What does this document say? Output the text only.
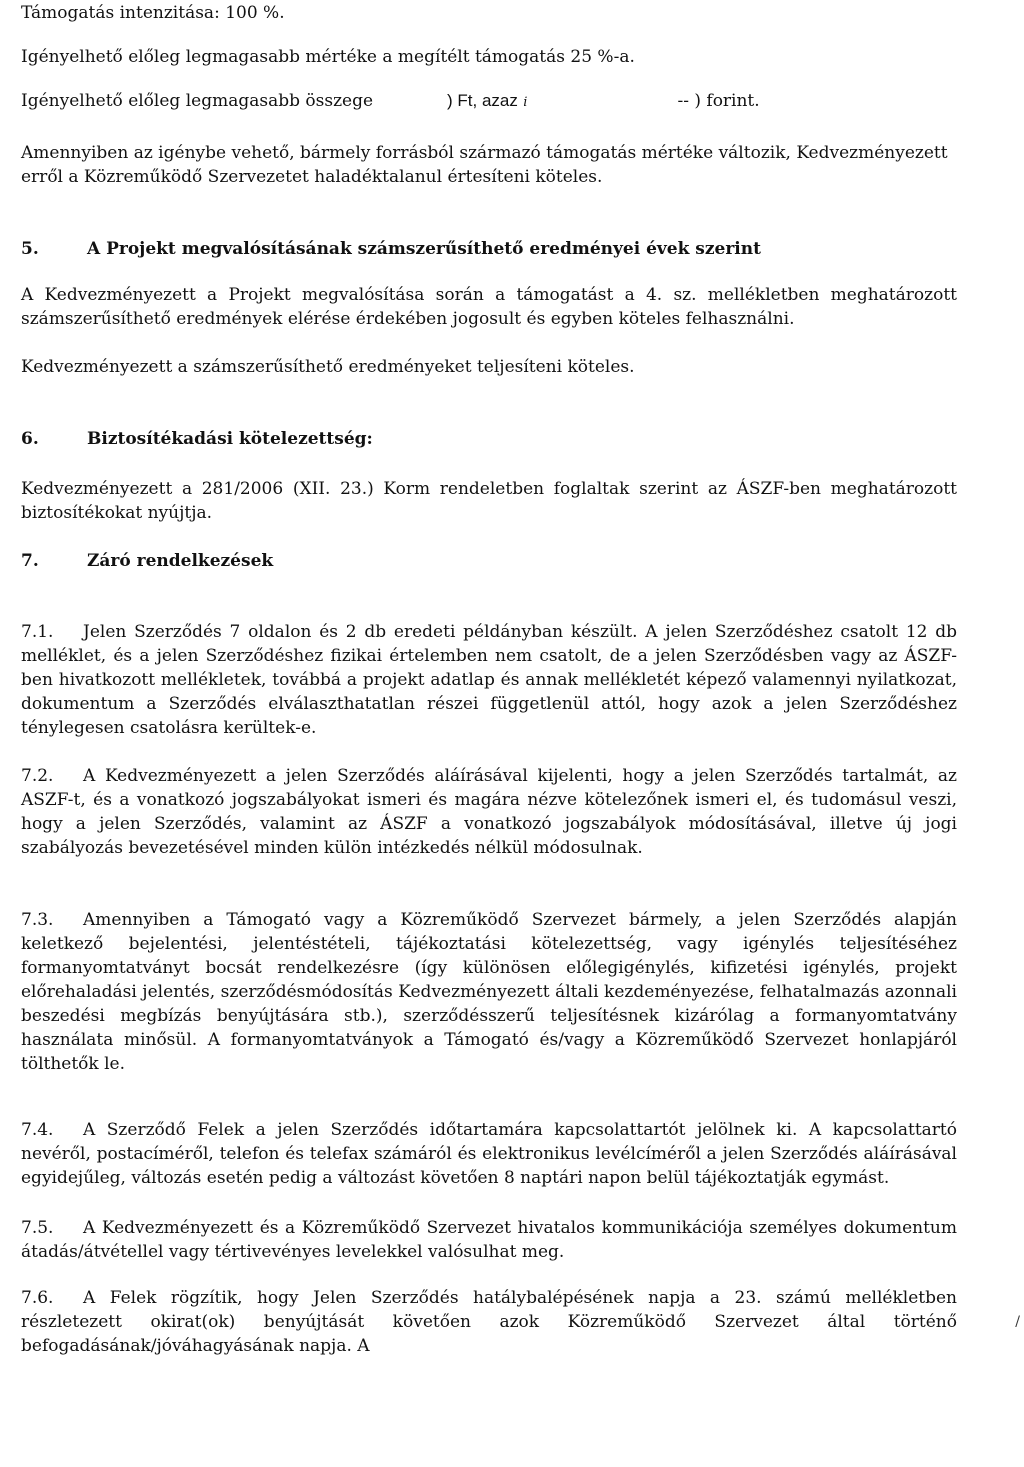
Támogatás intenzitása: 100 %.
Igényelhető előleg legmagasabb mértéke a megítélt támogatás 25 %-a.
Igényelhető előleg legmagasabb összege	) Ft, azaz i	-- ) forint.
Amennyiben az igénybe vehető, bármely forrásból származó támogatás mértéke változik, Kedvezményezett erről a Közreműködő Szervezetet haladéktalanul értesíteni köteles.
5.	A Projekt megvalósításának számszerűsíthető eredményei évek szerint
A Kedvezményezett a Projekt megvalósítása során a támogatást a 4. sz. mellékletben meghatározott számszerűsíthető eredmények elérése érdekében jogosult és egyben köteles felhasználni.
Kedvezményezett a számszerűsíthető eredményeket teljesíteni köteles.
6.	Biztosítékadási kötelezettség:
Kedvezményezett a 281/2006 (XII. 23.) Korm rendeletben foglaltak szerint az ÁSZF-ben meghatározott biztosítékokat nyújtja.
7.	Záró rendelkezések
7.1. Jelen Szerződés 7 oldalon és 2 db eredeti példányban készült. A jelen Szerződéshez csatolt 12 db melléklet, és a jelen Szerződéshez fizikai értelemben nem csatolt, de a jelen Szerződésben vagy az ÁSZF-ben hivatkozott mellékletek, továbbá a projekt adatlap és annak mellékletét képező valamennyi nyilatkozat, dokumentum a Szerződés elválaszthatatlan részei függetlenül attól, hogy azok a jelen Szerződéshez ténylegesen csatolásra kerültek-e.
7.2. A Kedvezményezett a jelen Szerződés aláírásával kijelenti, hogy a jelen Szerződés tartalmát, az ASZF-t, és a vonatkozó jogszabályokat ismeri és magára nézve kötelezőnek ismeri el, és tudomásul veszi, hogy a jelen Szerződés, valamint az ÁSZF a vonatkozó jogszabályok módosításával, illetve új jogi szabályozás bevezetésével minden külön intézkedés nélkül módosulnak.
7.3. Amennyiben a Támogató vagy a Közreműködő Szervezet bármely, a jelen Szerződés alapján keletkező bejelentési, jelentéstételi, tájékoztatási kötelezettség, vagy igénylés teljesítéséhez formanyomtatványt bocsát rendelkezésre (így különösen előlegigénylés, kifizetési igénylés, projekt előrehaladási jelentés, szerződésmódosítás Kedvezményezett általi kezdeményezése, felhatalmazás azonnali beszedési megbízás benyújtására stb.), szerződésszerű teljesítésnek kizárólag a formanyomtatvány használata minősül. A formanyomtatványok a Támogató és/vagy a Közreműködő Szervezet honlapjáról tölthetők le.
7.4. A Szerződő Felek a jelen Szerződés időtartamára kapcsolattartót jelölnek ki. A kapcsolattartó nevéről, postacíméről, telefon és telefax számáról és elektronikus levélcíméről a jelen Szerződés aláírásával egyidejűleg, változás esetén pedig a változást követően 8 naptári napon belül tájékoztatják egymást.
7.5. A Kedvezményezett és a Közreműködő Szervezet hivatalos kommunikációja személyes dokumentum átadás/átvétellel vagy tértivevényes levelekkel valósulhat meg.
7.6. A Felek rögzítik, hogy Jelen Szerződés hatálybalépésének napja a 23. számú mellékletben részletezett okirat(ok) benyújtását követően azok Közreműködő Szervezet által történő befogadásának/jóváhagyásának napja. A
/
